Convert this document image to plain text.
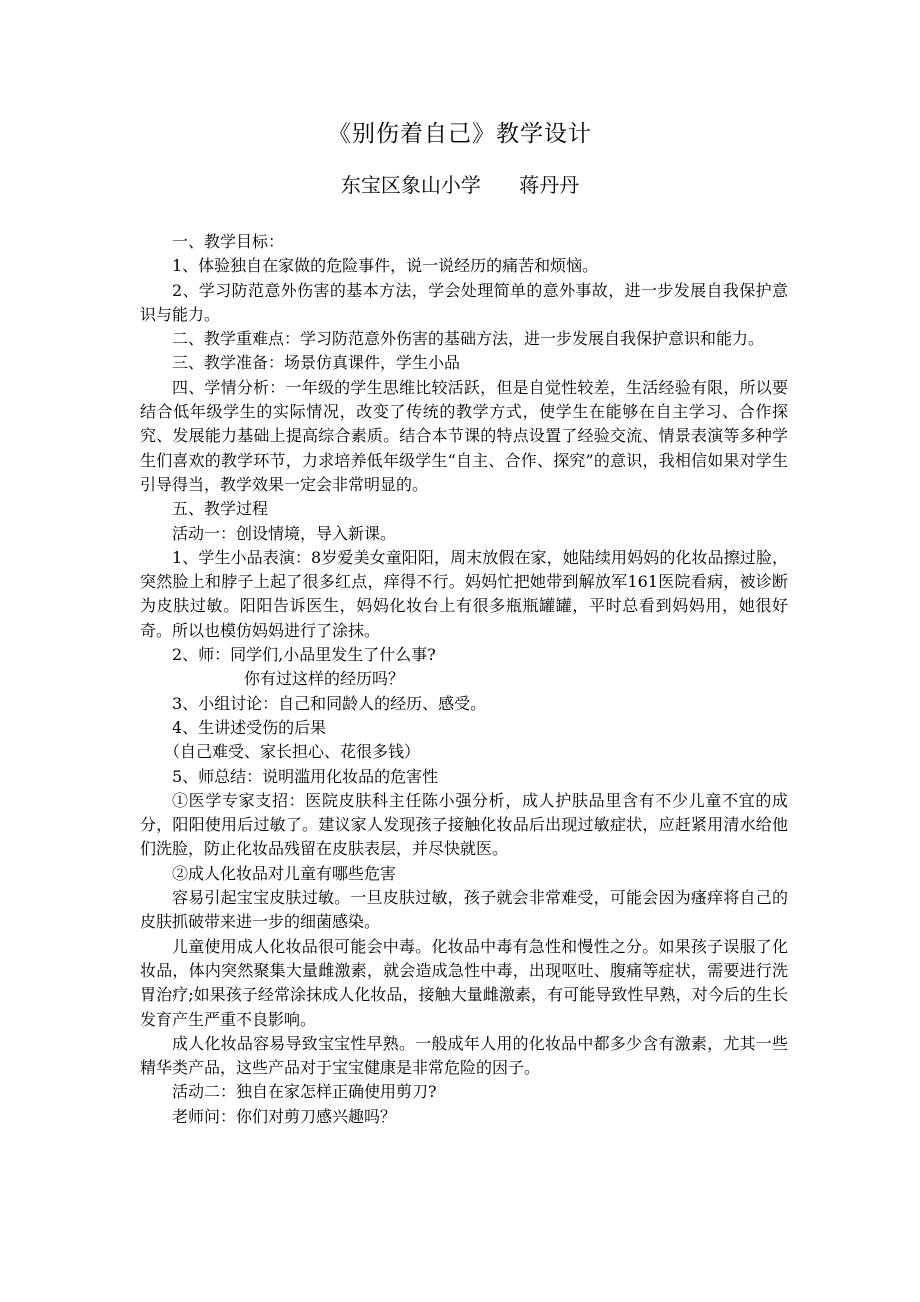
《别伤着自己》教学设计
东宝区象山小学      蒋丹丹

一、教学目标：

1、体验独自在家做的危险事件，说一说经历的痛苦和烦恼。

2、学习防范意外伤害的基本方法，学会处理简单的意外事故，进一步发展自我保护意识与能力。

二、教学重难点：学习防范意外伤害的基础方法，进一步发展自我保护意识和能力。

三、教学准备：场景仿真课件，学生小品

四、学情分析：一年级的学生思维比较活跃，但是自觉性较差，生活经验有限，所以要结合低年级学生的实际情况，改变了传统的教学方式，使学生在能够在自主学习、合作探究、发展能力基础上提高综合素质。结合本节课的特点设置了经验交流、情景表演等多种学生们喜欢的教学环节，力求培养低年级学生“自主、合作、探究”的意识，我相信如果对学生引导得当，教学效果一定会非常明显的。

五、教学过程

活动一：创设情境，导入新课。

1、学生小品表演：8岁爱美女童阳阳，周末放假在家，她陆续用妈妈的化妆品擦过脸，突然脸上和脖子上起了很多红点，痒得不行。妈妈忙把她带到解放军161医院看病，被诊断为皮肤过敏。阳阳告诉医生，妈妈化妆台上有很多瓶瓶罐罐，平时总看到妈妈用，她很好奇。所以也模仿妈妈进行了涂抹。

2、师：同学们,小品里发生了什么事?

你有过这样的经历吗？

3、小组讨论：自己和同龄人的经历、感受。

4、生讲述受伤的后果

（自己难受、家长担心、花很多钱）

5、师总结：说明滥用化妆品的危害性

①医学专家支招：医院皮肤科主任陈小强分析，成人护肤品里含有不少儿童不宜的成分，阳阳使用后过敏了。建议家人发现孩子接触化妆品后出现过敏症状，应赶紧用清水给他们洗脸，防止化妆品残留在皮肤表层，并尽快就医。

②成人化妆品对儿童有哪些危害

容易引起宝宝皮肤过敏。一旦皮肤过敏，孩子就会非常难受，可能会因为瘙痒将自己的皮肤抓破带来进一步的细菌感染。

儿童使用成人化妆品很可能会中毒。化妆品中毒有急性和慢性之分。如果孩子误服了化妆品，体内突然聚集大量雌激素，就会造成急性中毒，出现呕吐、腹痛等症状，需要进行洗胃治疗;如果孩子经常涂抹成人化妆品，接触大量雌激素，有可能导致性早熟，对今后的生长发育产生严重不良影响。

成人化妆品容易导致宝宝性早熟。一般成年人用的化妆品中都多少含有激素，尤其一些精华类产品，这些产品对于宝宝健康是非常危险的因子。

活动二：独自在家怎样正确使用剪刀?

老师问：你们对剪刀感兴趣吗？
